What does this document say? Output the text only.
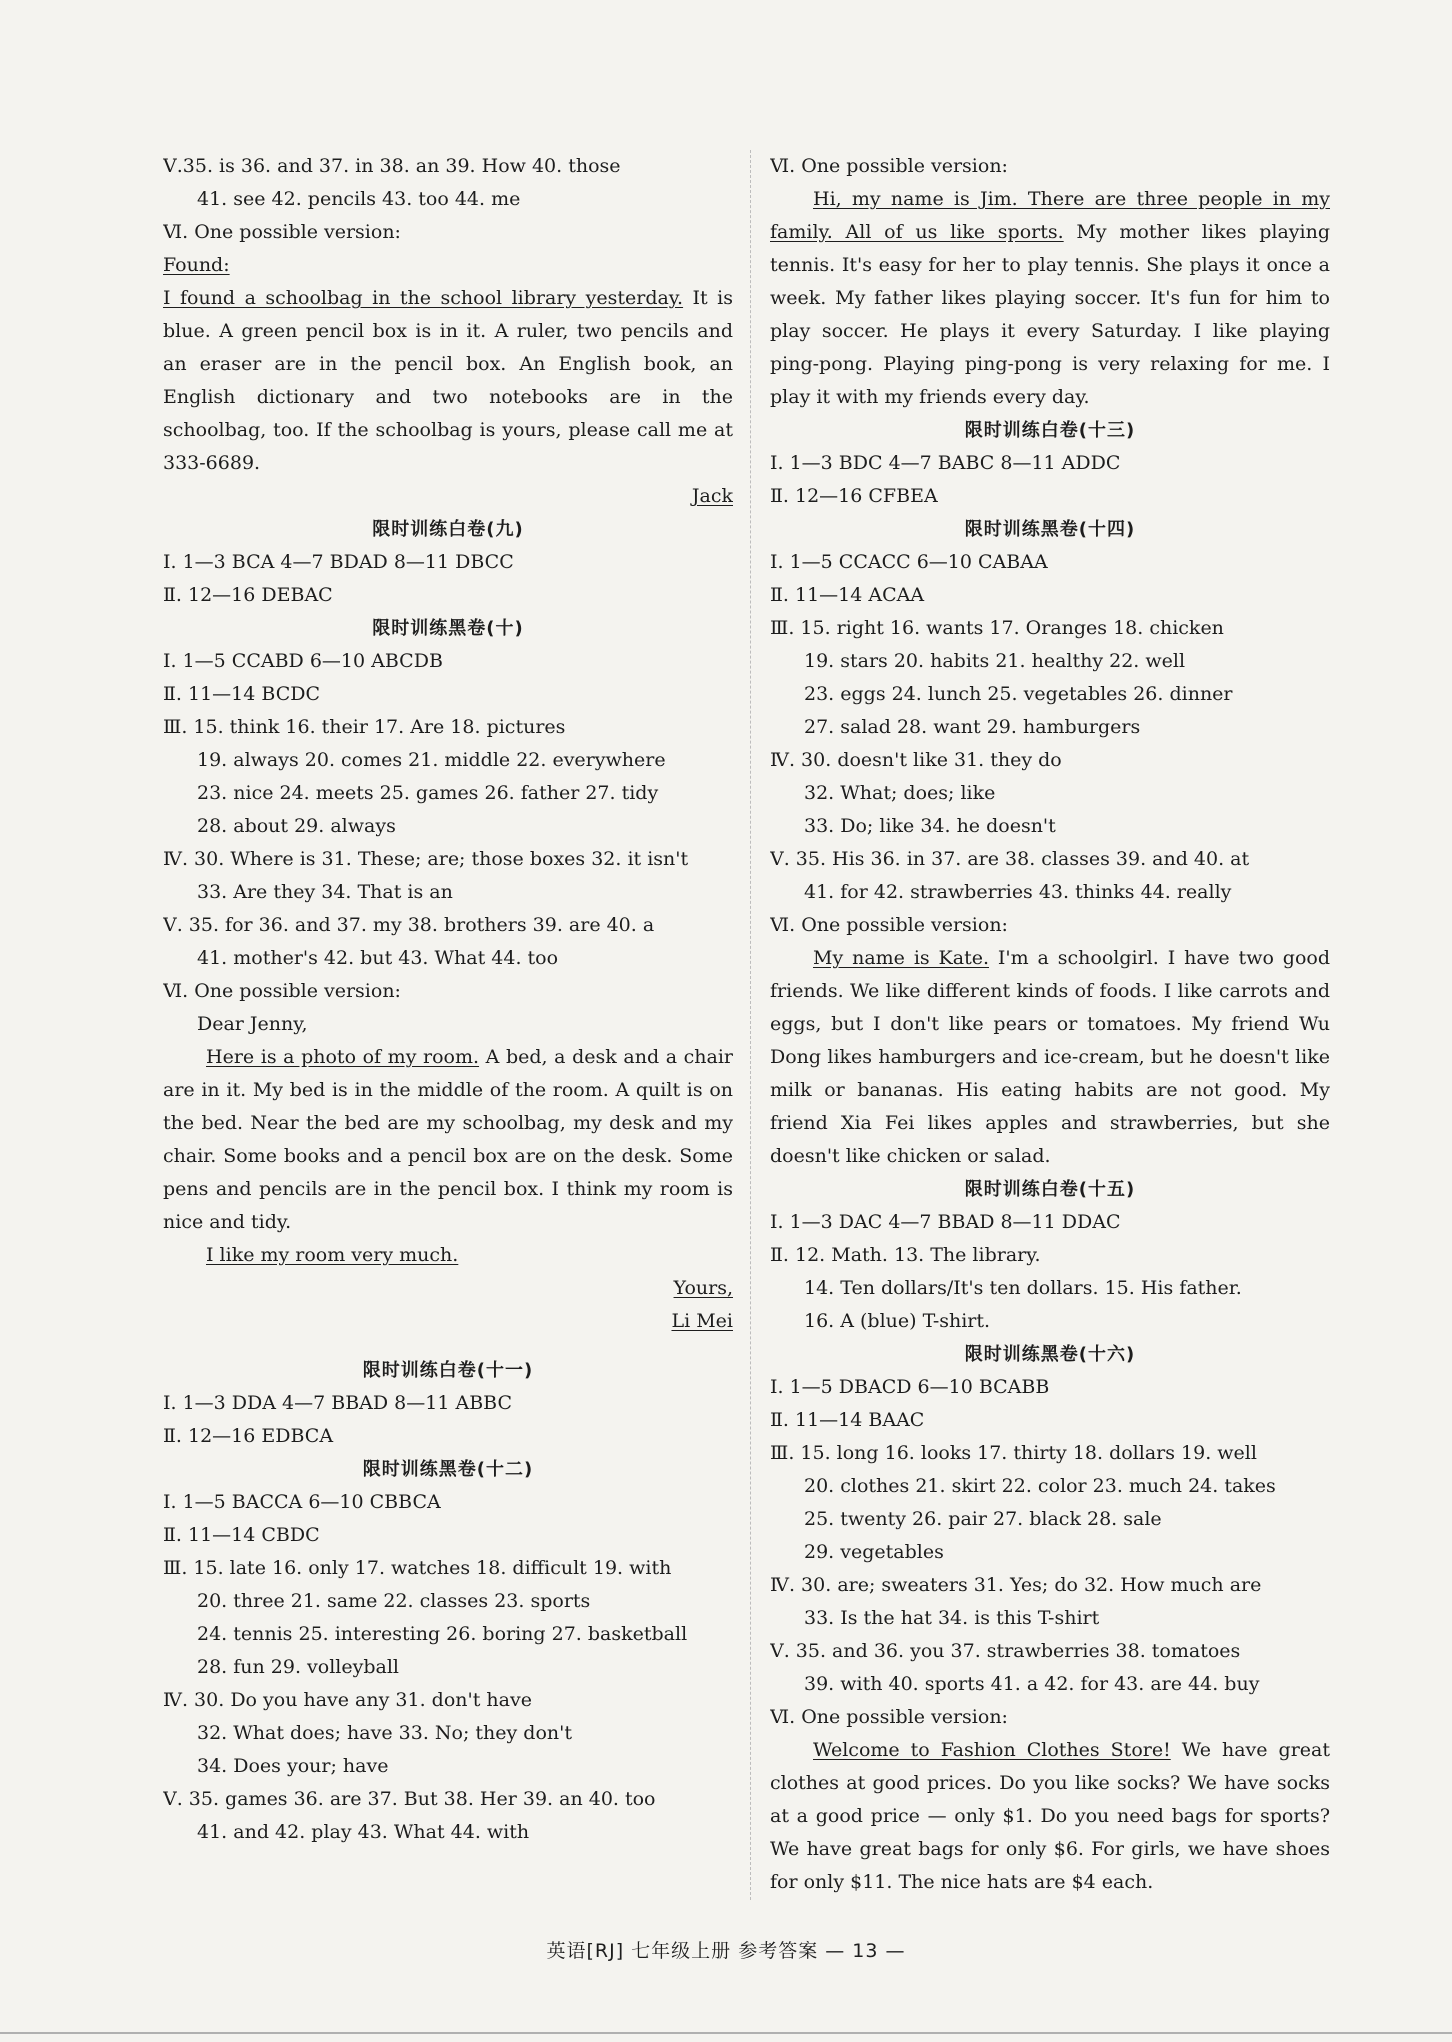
Ⅴ.35. is 36. and 37. in 38. an 39. How 40. those
41. see 42. pencils 43. too 44. me
Ⅵ. One possible version:
Found:
I found a schoolbag in the school library yesterday. It is blue. A green pencil box is in it. A ruler, two pencils and an eraser are in the pencil box. An English book, an English dictionary and two notebooks are in the schoolbag, too. If the schoolbag is yours, please call me at 333-6689.
Jack
限时训练白卷(九)
Ⅰ. 1—3 BCA 4—7 BDAD 8—11 DBCC
Ⅱ. 12—16 DEBAC
限时训练黑卷(十)
Ⅰ. 1—5 CCABD 6—10 ABCDB
Ⅱ. 11—14 BCDC
Ⅲ. 15. think 16. their 17. Are 18. pictures
19. always 20. comes 21. middle 22. everywhere
23. nice 24. meets 25. games 26. father 27. tidy
28. about 29. always
Ⅳ. 30. Where is 31. These; are; those boxes 32. it isn't
33. Are they 34. That is an
Ⅴ. 35. for 36. and 37. my 38. brothers 39. are 40. a
41. mother's 42. but 43. What 44. too
Ⅵ. One possible version:
Dear Jenny,
Here is a photo of my room. A bed, a desk and a chair are in it. My bed is in the middle of the room. A quilt is on the bed. Near the bed are my schoolbag, my desk and my chair. Some books and a pencil box are on the desk. Some pens and pencils are in the pencil box. I think my room is nice and tidy.
I like my room very much.
Yours,
Li Mei
限时训练白卷(十一)
Ⅰ. 1—3 DDA 4—7 BBAD 8—11 ABBC
Ⅱ. 12—16 EDBCA
限时训练黑卷(十二)
Ⅰ. 1—5 BACCA 6—10 CBBCA
Ⅱ. 11—14 CBDC
Ⅲ. 15. late 16. only 17. watches 18. difficult 19. with
20. three 21. same 22. classes 23. sports
24. tennis 25. interesting 26. boring 27. basketball
28. fun 29. volleyball
Ⅳ. 30. Do you have any 31. don't have
32. What does; have 33. No; they don't
34. Does your; have
Ⅴ. 35. games 36. are 37. But 38. Her 39. an 40. too
41. and 42. play 43. What 44. with
Ⅵ. One possible version:
Hi, my name is Jim. There are three people in my family. All of us like sports. My mother likes playing tennis. It's easy for her to play tennis. She plays it once a week. My father likes playing soccer. It's fun for him to play soccer. He plays it every Saturday. I like playing ping-pong. Playing ping-pong is very relaxing for me. I play it with my friends every day.
限时训练白卷(十三)
Ⅰ. 1—3 BDC 4—7 BABC 8—11 ADDC
Ⅱ. 12—16 CFBEA
限时训练黑卷(十四)
Ⅰ. 1—5 CCACC 6—10 CABAA
Ⅱ. 11—14 ACAA
Ⅲ. 15. right 16. wants 17. Oranges 18. chicken
19. stars 20. habits 21. healthy 22. well
23. eggs 24. lunch 25. vegetables 26. dinner
27. salad 28. want 29. hamburgers
Ⅳ. 30. doesn't like 31. they do
32. What; does; like
33. Do; like 34. he doesn't
Ⅴ. 35. His 36. in 37. are 38. classes 39. and 40. at
41. for 42. strawberries 43. thinks 44. really
Ⅵ. One possible version:
My name is Kate. I'm a schoolgirl. I have two good friends. We like different kinds of foods. I like carrots and eggs, but I don't like pears or tomatoes. My friend Wu Dong likes hamburgers and ice-cream, but he doesn't like milk or bananas. His eating habits are not good. My friend Xia Fei likes apples and strawberries, but she doesn't like chicken or salad.
限时训练白卷(十五)
Ⅰ. 1—3 DAC 4—7 BBAD 8—11 DDAC
Ⅱ. 12. Math. 13. The library.
14. Ten dollars/It's ten dollars. 15. His father.
16. A (blue) T-shirt.
限时训练黑卷(十六)
Ⅰ. 1—5 DBACD 6—10 BCABB
Ⅱ. 11—14 BAAC
Ⅲ. 15. long 16. looks 17. thirty 18. dollars 19. well
20. clothes 21. skirt 22. color 23. much 24. takes
25. twenty 26. pair 27. black 28. sale
29. vegetables
Ⅳ. 30. are; sweaters 31. Yes; do 32. How much are
33. Is the hat 34. is this T-shirt
Ⅴ. 35. and 36. you 37. strawberries 38. tomatoes
39. with 40. sports 41. a 42. for 43. are 44. buy
Ⅵ. One possible version:
Welcome to Fashion Clothes Store! We have great clothes at good prices. Do you like socks? We have socks at a good price — only $1. Do you need bags for sports? We have great bags for only $6. For girls, we have shoes for only $11. The nice hats are $4 each.
英语[RJ] 七年级上册 参考答案 — 13 —
